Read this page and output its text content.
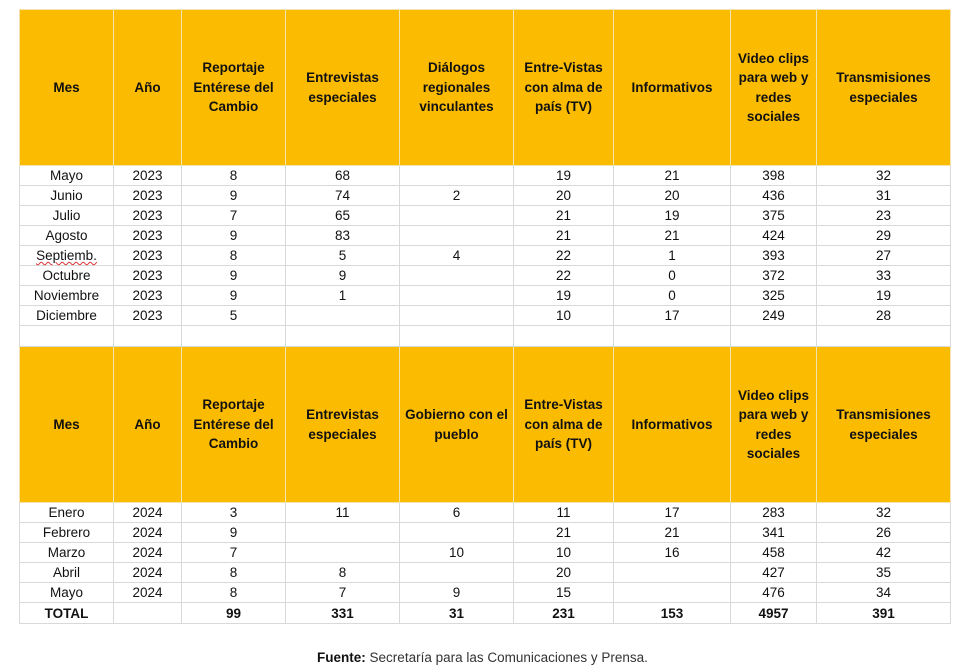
Mes	Año	Reportaje Entérese del Cambio	Entrevistas especiales	Diálogos regionales vinculantes	Entre-Vistas con alma de país (TV)	Informativos	Video clips para web y redes sociales	Transmisiones especiales
Mayo	2023	8	68		19	21	398	32
Junio	2023	9	74	2	20	20	436	31
Julio	2023	7	65		21	19	375	23
Agosto	2023	9	83		21	21	424	29
Septiemb.	2023	8	5	4	22	1	393	27
Octubre	2023	9	9		22	0	372	33
Noviembre	2023	9	1		19	0	325	19
Diciembre	2023	5			10	17	249	28

Mes	Año	Reportaje Entérese del Cambio	Entrevistas especiales	Gobierno con el pueblo	Entre-Vistas con alma de país (TV)	Informativos	Video clips para web y redes sociales	Transmisiones especiales
Enero	2024	3	11	6	11	17	283	32
Febrero	2024	9			21	21	341	26
Marzo	2024	7		10	10	16	458	42
Abril	2024	8	8		20		427	35
Mayo	2024	8	7	9	15		476	34
TOTAL		99	331	31	231	153	4957	391
Fuente: Secretaría para las Comunicaciones y Prensa.
